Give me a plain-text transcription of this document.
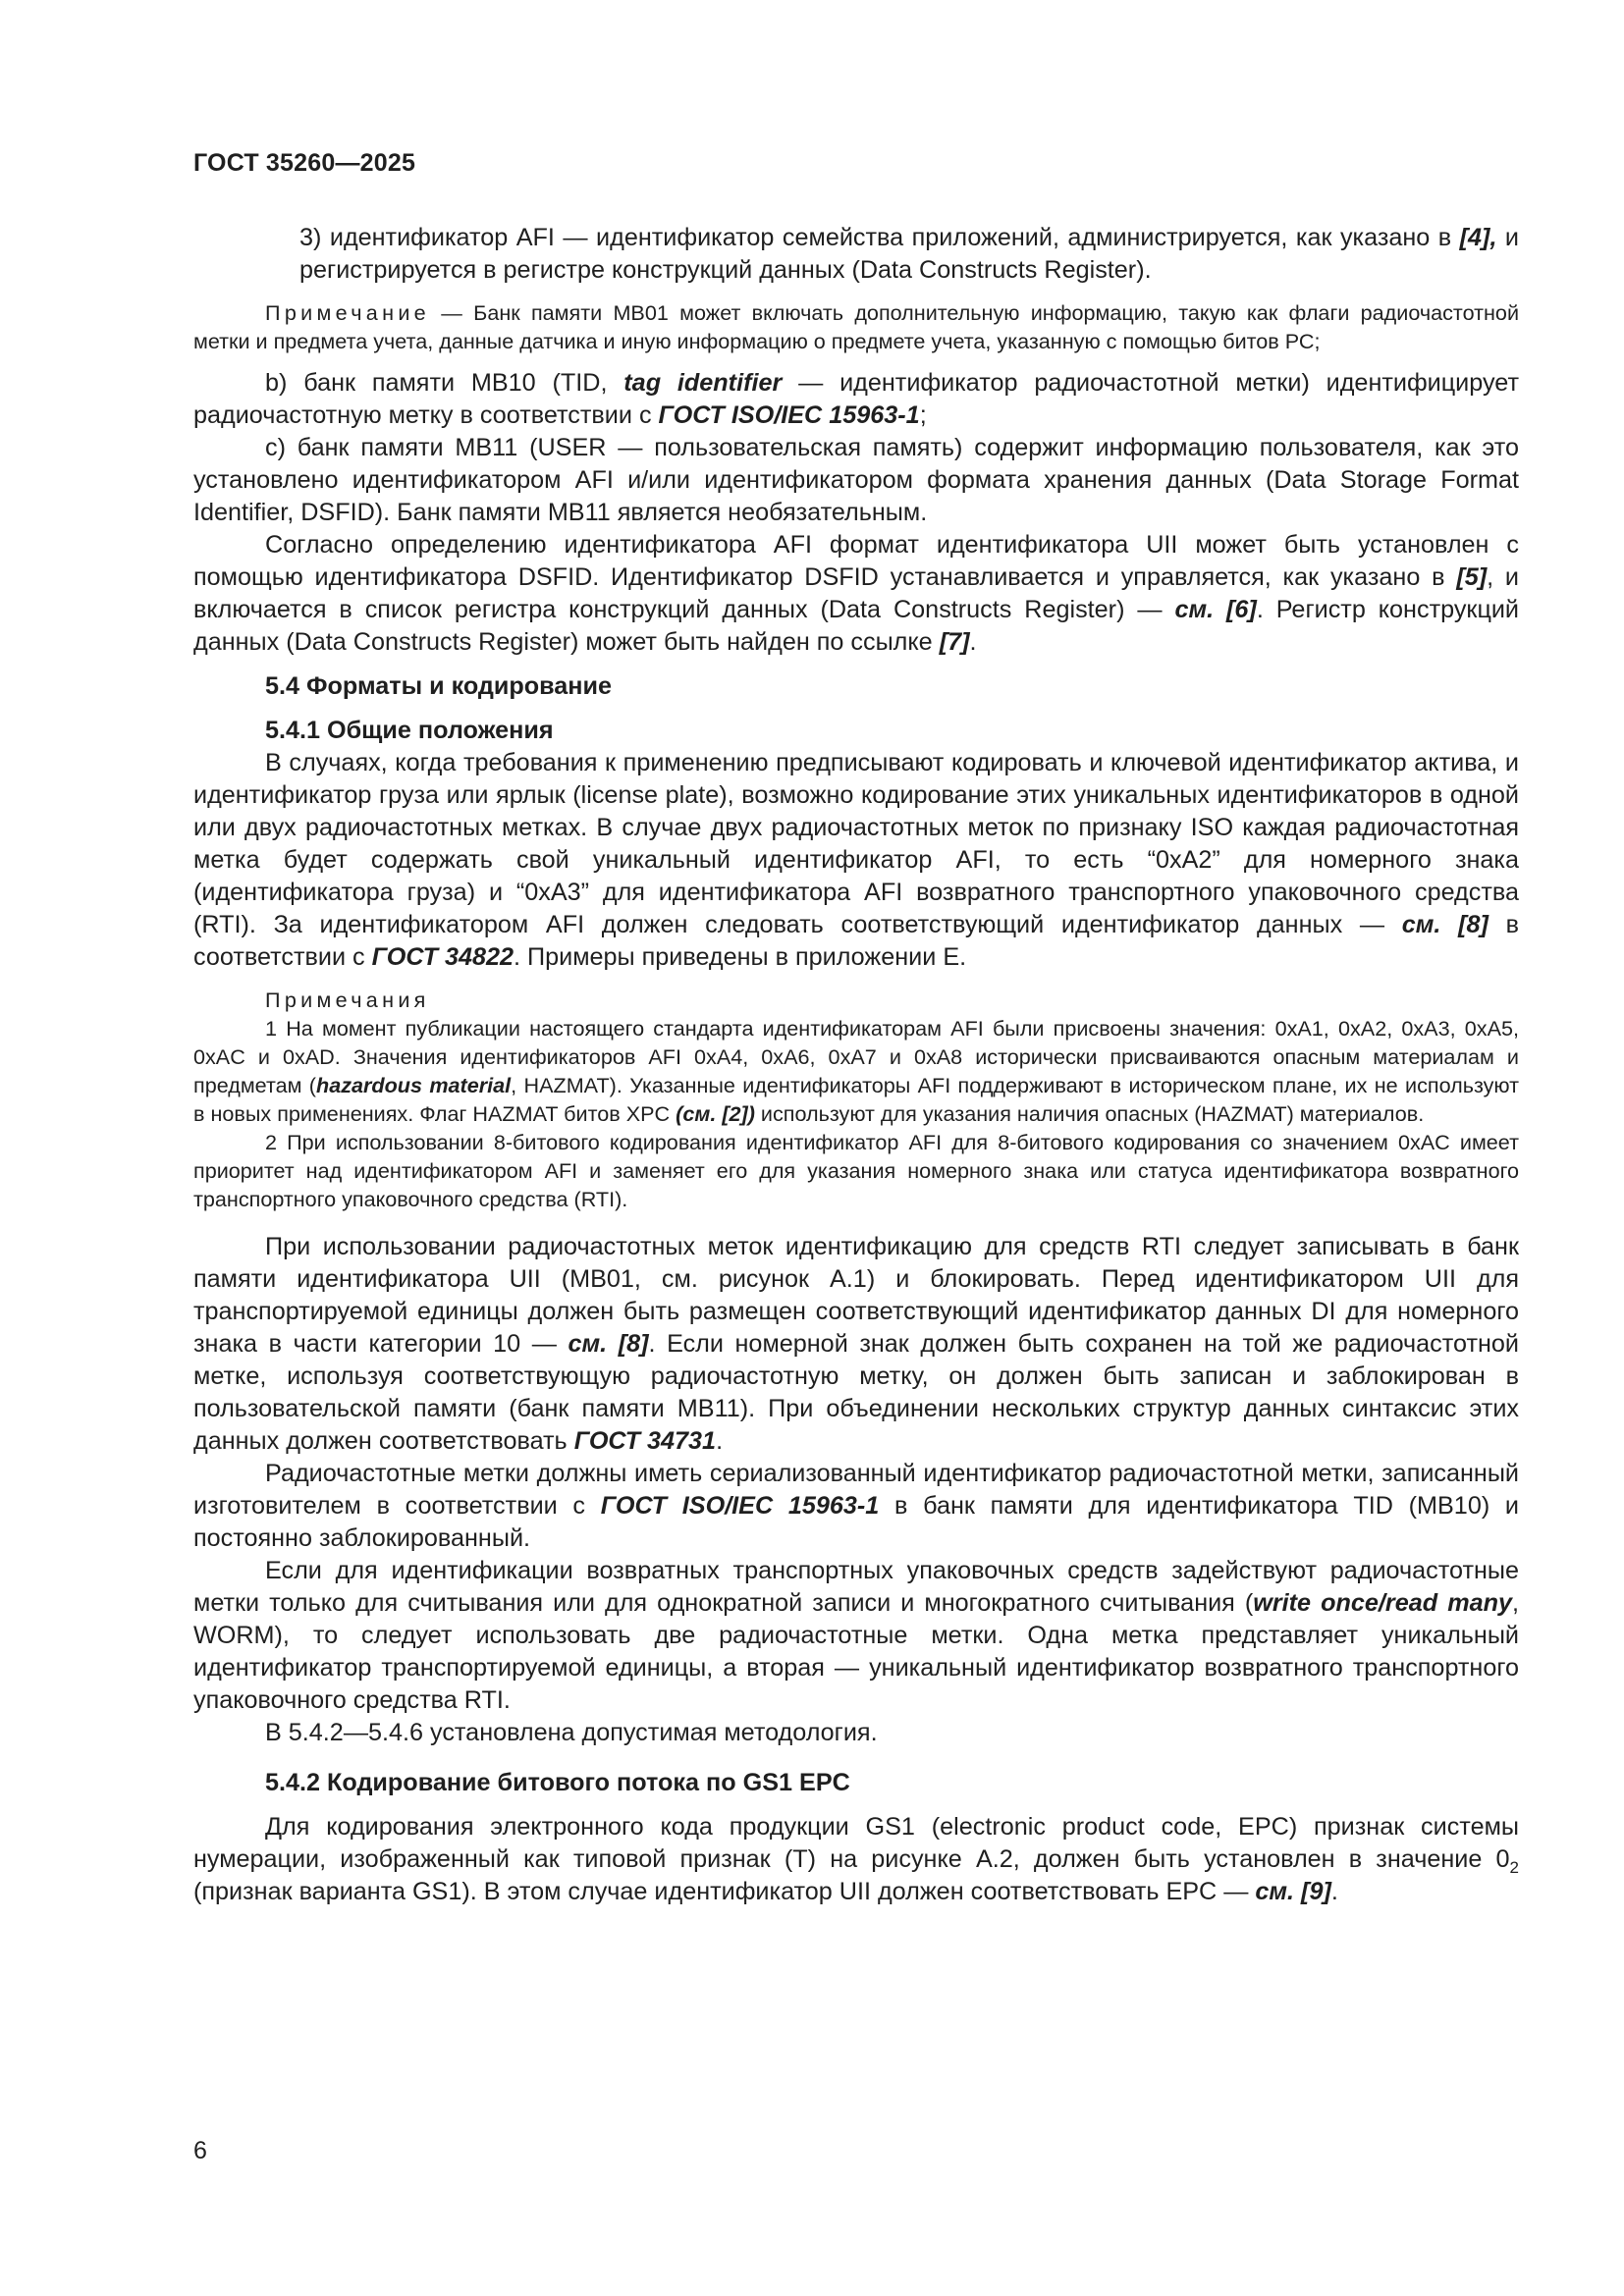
ГОСТ 35260—2025

3) идентификатор AFI — идентификатор семейства приложений, администрируется, как указано в [4], и регистрируется в регистре конструкций данных (Data Constructs Register).

Примечание — Банк памяти MB01 может включать дополнительную информацию, такую как флаги радиочастотной метки и предмета учета, данные датчика и иную информацию о предмете учета, указанную с помощью битов РС;

b) банк памяти MB10 (TID, tag identifier — идентификатор радиочастотной метки) идентифицирует радиочастотную метку в соответствии с ГОСТ ISO/IEC 15963-1;

c) банк памяти MB11 (USER — пользовательская память) содержит информацию пользователя, как это установлено идентификатором AFI и/или идентификатором формата хранения данных (Data Storage Format Identifier, DSFID). Банк памяти MB11 является необязательным.

Согласно определению идентификатора AFI формат идентификатора UII может быть установлен с помощью идентификатора DSFID. Идентификатор DSFID устанавливается и управляется, как указано в [5], и включается в список регистра конструкций данных (Data Constructs Register) — см. [6]. Регистр конструкций данных (Data Constructs Register) может быть найден по ссылке [7].

5.4 Форматы и кодирование

5.4.1 Общие положения

В случаях, когда требования к применению предписывают кодировать и ключевой идентификатор актива, и идентификатор груза или ярлык (license plate), возможно кодирование этих уникальных идентификаторов в одной или двух радиочастотных метках. В случае двух радиочастотных меток по признаку ISO каждая радиочастотная метка будет содержать свой уникальный идентификатор AFI, то есть “0xA2” для номерного знака (идентификатора груза) и “0xA3” для идентификатора AFI возвратного транспортного упаковочного средства (RTI). За идентификатором AFI должен следовать соответствующий идентификатор данных — см. [8] в соответствии с ГОСТ 34822. Примеры приведены в приложении Е.

Примечания

1 На момент публикации настоящего стандарта идентификаторам AFI были присвоены значения: 0xA1, 0xA2, 0xA3, 0xA5, 0xAC и 0xAD. Значения идентификаторов AFI 0xA4, 0xA6, 0xA7 и 0xA8 исторически присваиваются опасным материалам и предметам (hazardous material, HAZMAT). Указанные идентификаторы AFI поддерживают в историческом плане, их не используют в новых применениях. Флаг HAZMAT битов XPC (см. [2]) используют для указания наличия опасных (HAZMAT) материалов.

2 При использовании 8-битового кодирования идентификатор AFI для 8-битового кодирования со значением 0xAC имеет приоритет над идентификатором AFI и заменяет его для указания номерного знака или статуса идентификатора возвратного транспортного упаковочного средства (RTI).

При использовании радиочастотных меток идентификацию для средств RTI следует записывать в банк памяти идентификатора UII (MB01, см. рисунок А.1) и блокировать. Перед идентификатором UII для транспортируемой единицы должен быть размещен соответствующий идентификатор данных DI для номерного знака в части категории 10 — см. [8]. Если номерной знак должен быть сохранен на той же радиочастотной метке, используя соответствующую радиочастотную метку, он должен быть записан и заблокирован в пользовательской памяти (банк памяти MB11). При объединении нескольких структур данных синтаксис этих данных должен соответствовать ГОСТ 34731.

Радиочастотные метки должны иметь сериализованный идентификатор радиочастотной метки, записанный изготовителем в соответствии с ГОСТ ISO/IEC 15963-1 в банк памяти для идентификатора TID (MB10) и постоянно заблокированный.

Если для идентификации возвратных транспортных упаковочных средств задействуют радиочастотные метки только для считывания или для однократной записи и многократного считывания (write once/read many, WORM), то следует использовать две радиочастотные метки. Одна метка представляет уникальный идентификатор транспортируемой единицы, а вторая — уникальный идентификатор возвратного транспортного упаковочного средства RTI.

В 5.4.2—5.4.6 установлена допустимая методология.

5.4.2 Кодирование битового потока по GS1 EPC

Для кодирования электронного кода продукции GS1 (electronic product code, EPC) признак системы нумерации, изображенный как типовой признак (Т) на рисунке А.2, должен быть установлен в значение $0_2$ (признак варианта GS1). В этом случае идентификатор UII должен соответствовать EPC — см. [9].

6
